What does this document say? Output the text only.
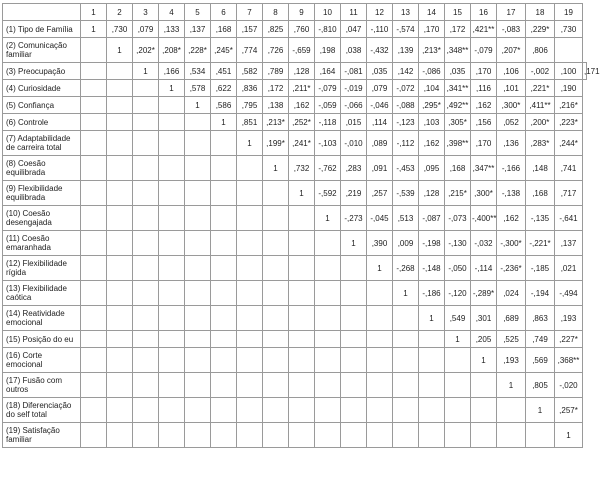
	1	2	3	4	5	6	7	8	9	10	11	12	13	14	15	16	17	18	19	
(1) Tipo de Família	1	,730	,079	,133	,137	,168	,157	,825	,760	-,810	,047	-,110	-,574	,170	,172	,421**	-,083	,229*	,730	
(2) Comunicação familiar		1	,202*	,208*	,228*	,245*	,774	,726	-,659	,198	,038	-,432	,139	,213*	,348**	-,079	,207*	,806		
(3) Preocupação			1	,166	,534	,451	,582	,789	,128	,164	-,081	,035	,142	-,086	,035	,170	,106	-,002	,100	,171
(4) Curiosidade				1	,578	,622	,836	,172	,211*	-,079	-,019	,079	-,072	,104	,341**	,116	,101	,221*	,190	
(5) Confiança					1	,586	,795	,138	,162	-,059	-,066	-,046	-,088	,295*	,492**	,162	,300*	,411**	,216*	
(6) Controle						1	,851	,213*	,252*	-,118	,015	,114	-,123	,103	,305*	,156	,052	,200*	,223*	
(7) Adaptabilidade de carreira total							1	,199*	,241*	-,103	-,010	,089	-,112	,162	,398**	,170	,136	,283*	,244*	
(8) Coesão equilibrada								1	,732	-,762	,283	,091	-,453	,095	,168	,347**	-,166	,148	,741	
(9) Flexibilidade equilibrada									1	-,592	,219	,257	-,539	,128	,215*	,300*	-,138	,168	,717	
(10) Coesão desengajada										1	-,273	-,045	,513	-,087	-,073	-,400**	,162	-,135	-,641	
(11) Coesão emaranhada											1	,390	,009	-,198	-,130	-,032	-,300*	-,221*	,137	
(12) Flexibilidade rígida												1	-,268	-,148	-,050	-,114	-,236*	-,185	,021	
(13) Flexibilidade caótica													1	-,186	-,120	-,289*	,024	-,194	-,494	
(14) Reatividade emocional														1	,549	,301	,689	,863	,193	
(15) Posição do eu															1	,205	,525	,749	,227*	
(16) Corte emocional																1	,193	,569	,368**	
(17) Fusão com outros																	1	,805	-,020	
(18) Diferenciação do self total																		1	,257*	
(19) Satisfação familiar																			1	
